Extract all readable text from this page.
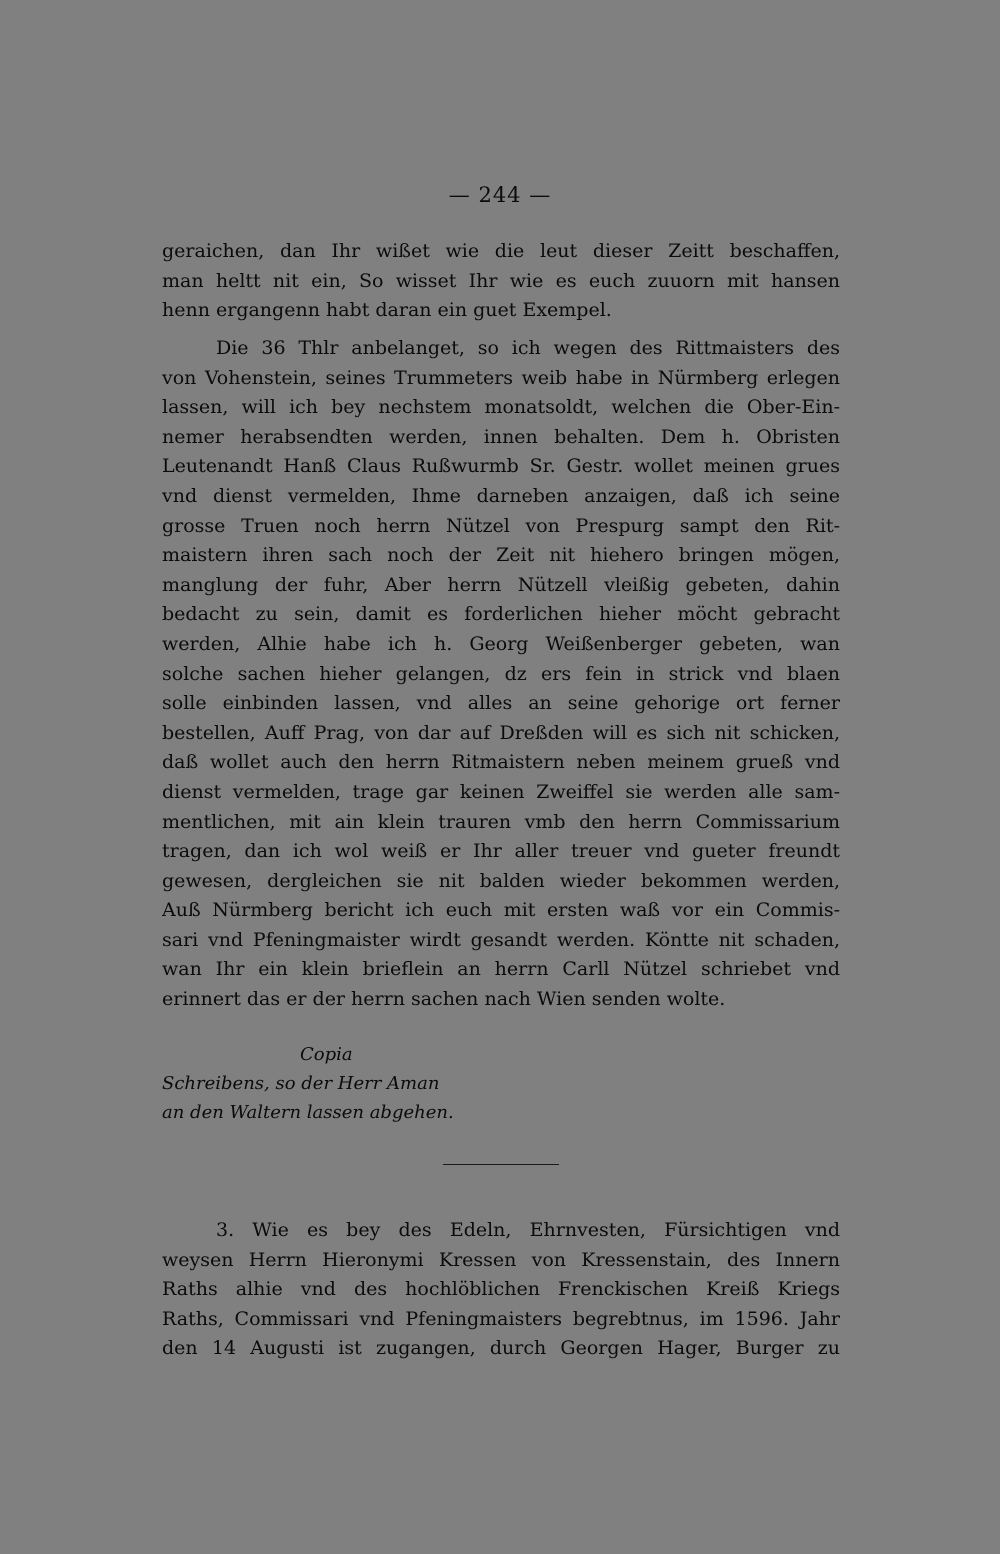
— 244 —
geraichen, dan Ihr wißet wie die leut dieser Zeitt beschaffen,
man heltt nit ein, So wisset Ihr wie es euch zuuorn mit hansen
henn ergangenn habt daran ein guet Exempel.
Die 36 Thlr anbelanget, so ich wegen des Rittmaisters des
von Vohenstein, seines Trummeters weib habe in Nürmberg erlegen
lassen, will ich bey nechstem monatsoldt, welchen die Ober-Ein-
nemer herabsendten werden, innen behalten. Dem h. Obristen
Leutenandt Hanß Claus Rußwurmb Sr. Gestr. wollet meinen grues
vnd dienst vermelden, Ihme darneben anzaigen, daß ich seine
grosse Truen noch herrn Nützel von Prespurg sampt den Rit-
maistern ihren sach noch der Zeit nit hiehero bringen mögen,
manglung der fuhr, Aber herrn Nützell vleißig gebeten, dahin
bedacht zu sein, damit es forderlichen hieher möcht gebracht
werden, Alhie habe ich h. Georg Weißenberger gebeten, wan
solche sachen hieher gelangen, dz ers fein in strick vnd blaen
solle einbinden lassen, vnd alles an seine gehorige ort ferner
bestellen, Auff Prag, von dar auf Dreßden will es sich nit schicken,
daß wollet auch den herrn Ritmaistern neben meinem grueß vnd
dienst vermelden, trage gar keinen Zweiffel sie werden alle sam-
mentlichen, mit ain klein trauren vmb den herrn Commissarium
tragen, dan ich wol weiß er Ihr aller treuer vnd gueter freundt
gewesen, dergleichen sie nit balden wieder bekommen werden,
Auß Nürmberg bericht ich euch mit ersten waß vor ein Commis-
sari vnd Pfeningmaister wirdt gesandt werden. Köntte nit schaden,
wan Ihr ein klein brieflein an herrn Carll Nützel schriebet vnd
erinnert das er der herrn sachen nach Wien senden wolte.
Copia
Schreibens, so der Herr Aman
an den Waltern lassen abgehen.
3. Wie es bey des Edeln, Ehrnvesten, Fürsichtigen vnd
weysen Herrn Hieronymi Kressen von Kressenstain, des Innern
Raths alhie vnd des hochlöblichen Frenckischen Kreiß Kriegs
Raths, Commissari vnd Pfeningmaisters begrebtnus, im 1596. Jahr
den 14 Augusti ist zugangen, durch Georgen Hager, Burger zu
